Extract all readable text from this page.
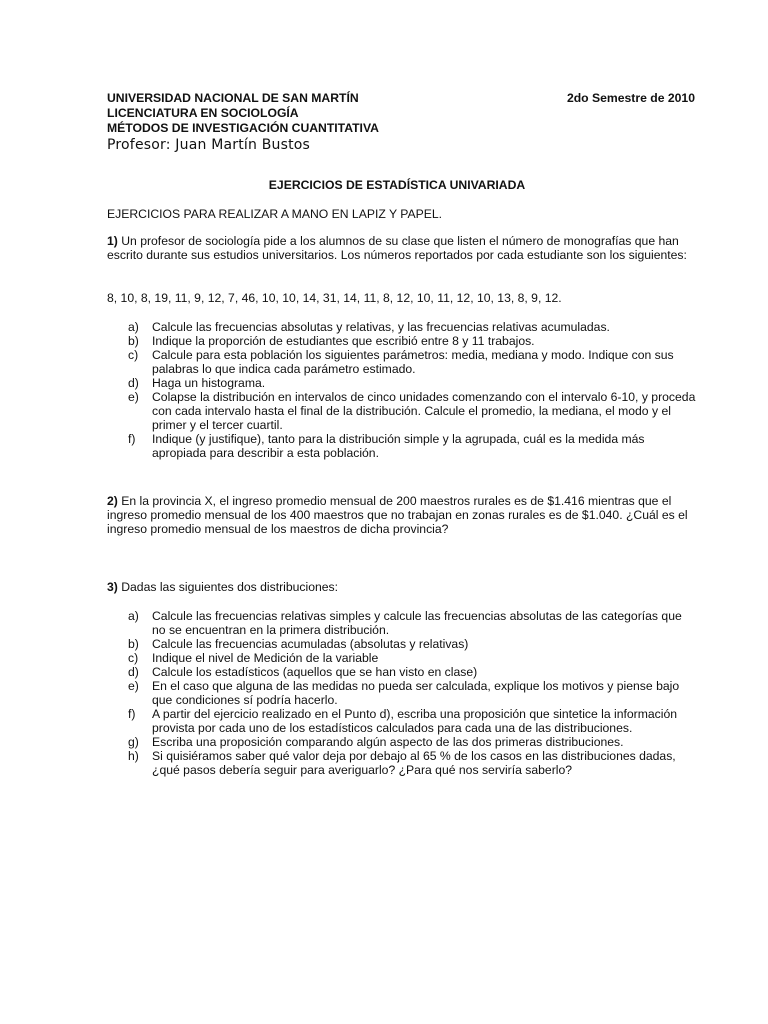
UNIVERSIDAD NACIONAL DE SAN MARTÍN	2do Semestre de 2010
LICENCIATURA EN SOCIOLOGÍA
MÉTODOS DE INVESTIGACIÓN CUANTITATIVA
Profesor: Juan Martín Bustos
EJERCICIOS DE ESTADÍSTICA UNIVARIADA
EJERCICIOS PARA REALIZAR A MANO EN LAPIZ Y PAPEL.

1) Un profesor de sociología pide a los alumnos de su clase que listen el número de monografías que han escrito durante sus estudios universitarios. Los números reportados por cada estudiante son los siguientes:

8, 10, 8, 19, 11, 9, 12, 7, 46, 10, 10, 14, 31, 14, 11, 8, 12, 10, 11, 12, 10, 13, 8, 9, 12.
a) Calcule las frecuencias absolutas y relativas, y las frecuencias relativas acumuladas.
b) Indique la proporción de estudiantes que escribió entre 8 y 11 trabajos.
c) Calcule para esta población los siguientes parámetros: media, mediana y modo. Indique con sus palabras lo que indica cada parámetro estimado.
d) Haga un histograma.
e) Colapse la distribución en intervalos de cinco unidades comenzando con el intervalo 6-10, y proceda con cada intervalo hasta el final de la distribución. Calcule el promedio, la mediana, el modo y el primer y el tercer cuartil.
f) Indique (y justifique), tanto para la distribución simple y la agrupada, cuál es la medida más apropiada para describir a esta población.

2) En la provincia X, el ingreso promedio mensual de 200 maestros rurales es de $1.416 mientras que el ingreso promedio mensual de los 400 maestros que no trabajan en zonas rurales es de $1.040. ¿Cuál es el ingreso promedio mensual de los maestros de dicha provincia?

3) Dadas las siguientes dos distribuciones:

a) Calcule las frecuencias relativas simples y calcule las frecuencias absolutas de las categorías que no se encuentran en la primera distribución.
b) Calcule las frecuencias acumuladas (absolutas y relativas)
c) Indique el nivel de Medición de la variable
d) Calcule los estadísticos (aquellos que se han visto en clase)
e) En el caso que alguna de las medidas no pueda ser calculada, explique los motivos y piense bajo que condiciones sí podría hacerlo.
f) A partir del ejercicio realizado en el Punto d), escriba una proposición que sintetice la información provista por cada uno de los estadísticos calculados para cada una de las distribuciones.
g) Escriba una proposición comparando algún aspecto de las dos primeras distribuciones.
h) Si quisiéramos saber qué valor deja por debajo al 65 % de los casos en las distribuciones dadas, ¿qué pasos debería seguir para averiguarlo? ¿Para qué nos serviría saberlo?
